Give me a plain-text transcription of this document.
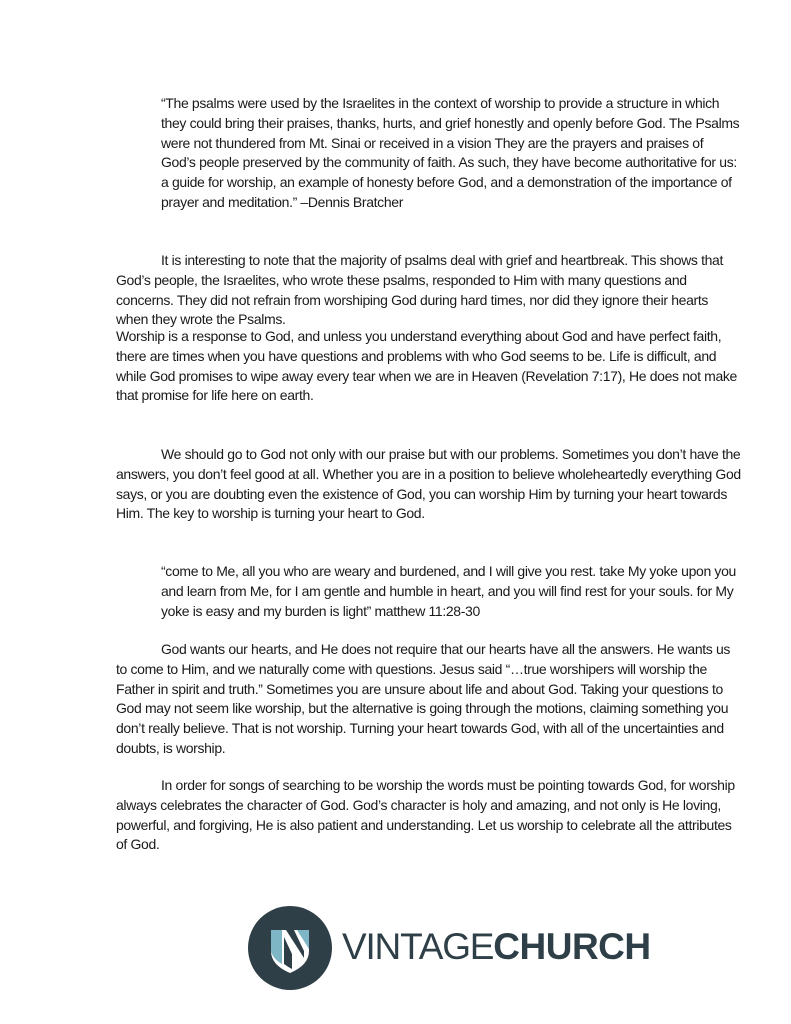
“The psalms were used by the Israelites in the context of worship to provide a structure in which they could bring their praises, thanks, hurts, and grief honestly and openly before God. The Psalms were not thundered from Mt. Sinai or received in a vision They are the prayers and praises of God’s people preserved by the community of faith. As such, they have become authoritative for us: a guide for worship, an example of honesty before God, and a demonstration of the importance of prayer and meditation.” –Dennis Bratcher

It is interesting to note that the majority of psalms deal with grief and heartbreak. This shows that God’s people, the Israelites, who wrote these psalms, responded to Him with many questions and concerns. They did not refrain from worshiping God during hard times, nor did they ignore their hearts when they wrote the Psalms.

Worship is a response to God, and unless you understand everything about God and have perfect faith, there are times when you have questions and problems with who God seems to be. Life is difficult, and while God promises to wipe away every tear when we are in Heaven (Revelation 7:17), He does not make that promise for life here on earth.

We should go to God not only with our praise but with our problems. Sometimes you don’t have the answers, you don’t feel good at all. Whether you are in a position to believe wholeheartedly everything God says, or you are doubting even the existence of God, you can worship Him by turning your heart towards Him. The key to worship is turning your heart to God.

“come to Me, all you who are weary and burdened, and I will give you rest. take My yoke upon you and learn from Me, for I am gentle and humble in heart, and you will find rest for your souls. for My yoke is easy and my burden is light” matthew 11:28-30

God wants our hearts, and He does not require that our hearts have all the answers. He wants us to come to Him, and we naturally come with questions. Jesus said “…true worshipers will worship the Father in spirit and truth.” Sometimes you are unsure about life and about God. Taking your questions to God may not seem like worship, but the alternative is going through the motions, claiming something you don’t really believe. That is not worship. Turning your heart towards God, with all of the uncertainties and doubts, is worship.

In order for songs of searching to be worship the words must be pointing towards God, for worship always celebrates the character of God. God’s character is holy and amazing, and not only is He loving, powerful, and forgiving, He is also patient and understanding. Let us worship to celebrate all the attributes of God.

VINTAGECHURCH
